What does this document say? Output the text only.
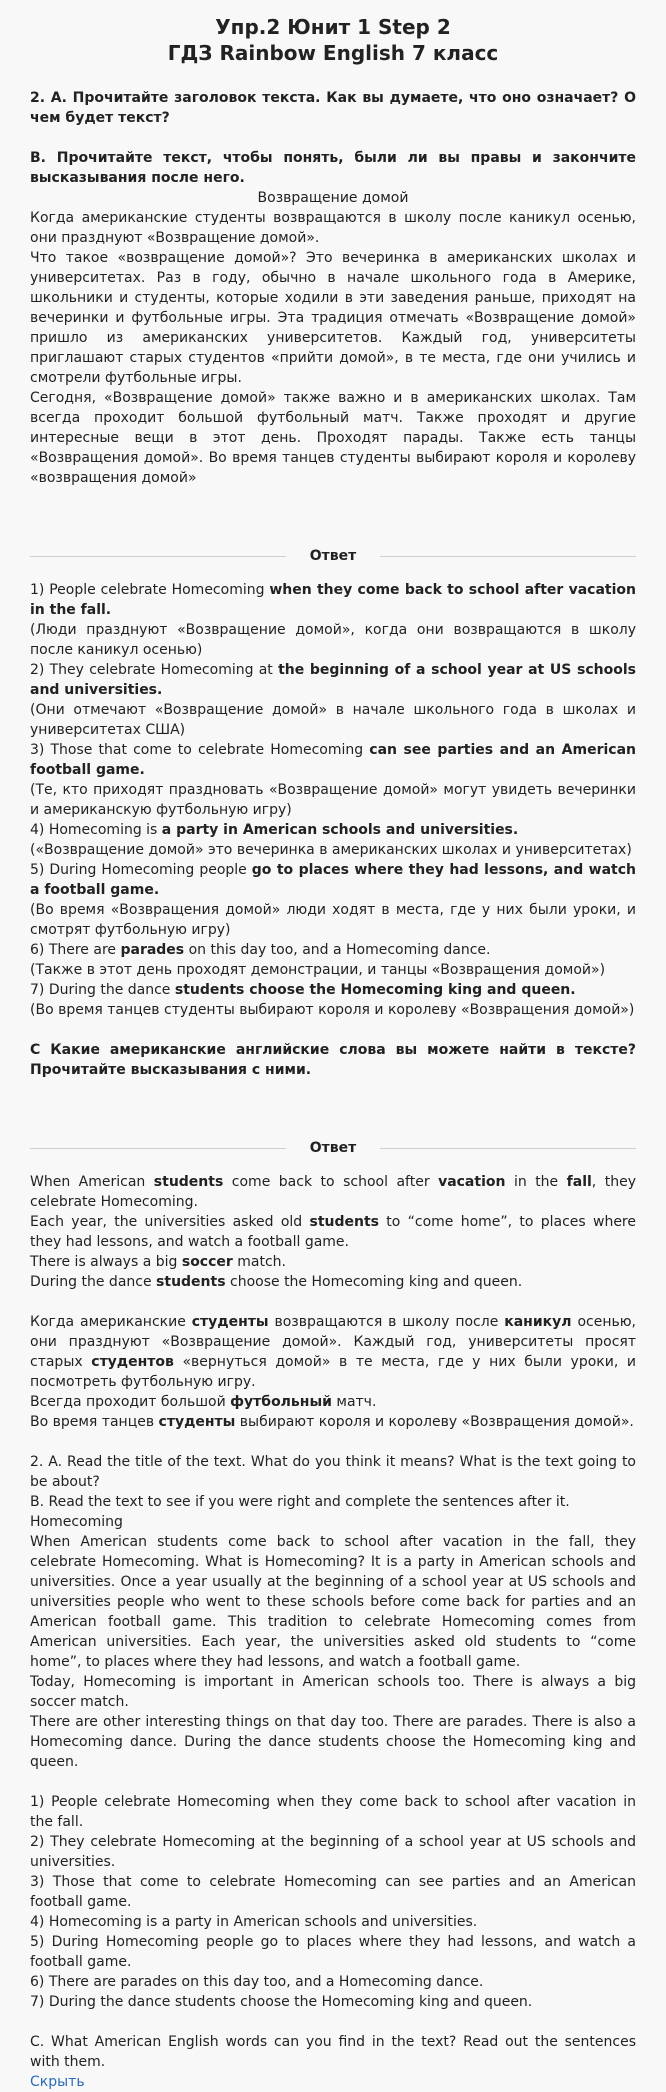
Упр.2 Юнит 1 Step 2
ГДЗ Rainbow English 7 класс

2. А. Прочитайте заголовок текста. Как вы думаете, что оно означает? О чем будет текст?

В. Прочитайте текст, чтобы понять, были ли вы правы и закончите высказывания после него.

Возвращение домой

Когда американские студенты возвращаются в школу после каникул осенью, они празднуют «Возвращение домой».

Что такое «возвращение домой»? Это вечеринка в американских школах и университетах. Раз в году, обычно в начале школьного года в Америке, школьники и студенты, которые ходили в эти заведения раньше, приходят на вечеринки и футбольные игры. Эта традиция отмечать «Возвращение домой» пришло из американских университетов. Каждый год, университеты приглашают старых студентов «прийти домой», в те места, где они учились и смотрели футбольные игры.

Сегодня, «Возвращение домой» также важно и в американских школах. Там всегда проходит большой футбольный матч. Также проходят и другие интересные вещи в этот день. Проходят парады. Также есть танцы «Возвращения домой». Во время танцев студенты выбирают короля и королеву «возвращения домой»

Ответ

1) People celebrate Homecoming when they come back to school after vacation in the fall.

(Люди празднуют «Возвращение домой», когда они возвращаются в школу после каникул осенью)

2) They celebrate Homecoming at the beginning of a school year at US schools and universities.

(Они отмечают «Возвращение домой» в начале школьного года в школах и университетах США)

3) Those that come to celebrate Homecoming can see parties and an American football game.

(Те, кто приходят праздновать «Возвращение домой» могут увидеть вечеринки и американскую футбольную игру)

4) Homecoming is a party in American schools and universities.

(«Возвращение домой» это вечеринка в американских школах и университетах)

5) During Homecoming people go to places where they had lessons, and watch a football game.

(Во время «Возвращения домой» люди ходят в места, где у них были уроки, и смотрят футбольную игру)

6) There are parades on this day too, and a Homecoming dance.

(Также в этот день проходят демонстрации, и танцы «Возвращения домой»)

7) During the dance students choose the Homecoming king and queen.

(Во время танцев студенты выбирают короля и королеву «Возвращения домой»)

С Какие американские английские слова вы можете найти в тексте? Прочитайте высказывания с ними.

Ответ

When American students come back to school after vacation in the fall, they celebrate Homecoming.

Each year, the universities asked old students to “come home”, to places where they had lessons, and watch a football game.

There is always a big soccer match.

During the dance students choose the Homecoming king and queen.

Когда американские студенты возвращаются в школу после каникул осенью, они празднуют «Возвращение домой». Каждый год, университеты просят старых студентов «вернуться домой» в те места, где у них были уроки, и посмотреть футбольную игру.

Всегда проходит большой футбольный матч.

Во время танцев студенты выбирают короля и королеву «Возвращения домой».

2. A. Read the title of the text. What do you think it means? What is the text going to be about?

B. Read the text to see if you were right and complete the sentences after it.

Homecoming

When American students come back to school after vacation in the fall, they celebrate Homecoming. What is Homecoming? It is a party in American schools and universities. Once a year usually at the beginning of a school year at US schools and universities people who went to these schools before come back for parties and an American football game. This tradition to celebrate Homecoming comes from American universities. Each year, the universities asked old students to “come home”, to places where they had lessons, and watch a football game.

Today, Homecoming is important in American schools too. There is always a big soccer match.

There are other interesting things on that day too. There are parades. There is also a Homecoming dance. During the dance students choose the Homecoming king and queen.

1) People celebrate Homecoming when they come back to school after vacation in the fall.

2) They celebrate Homecoming at the beginning of a school year at US schools and universities.

3) Those that come to celebrate Homecoming can see parties and an American football game.

4) Homecoming is a party in American schools and universities.

5) During Homecoming people go to places where they had lessons, and watch a football game.

6) There are parades on this day too, and a Homecoming dance.

7) During the dance students choose the Homecoming king and queen.

C. What American English words can you find in the text? Read out the sentences with them.

Скрыть
